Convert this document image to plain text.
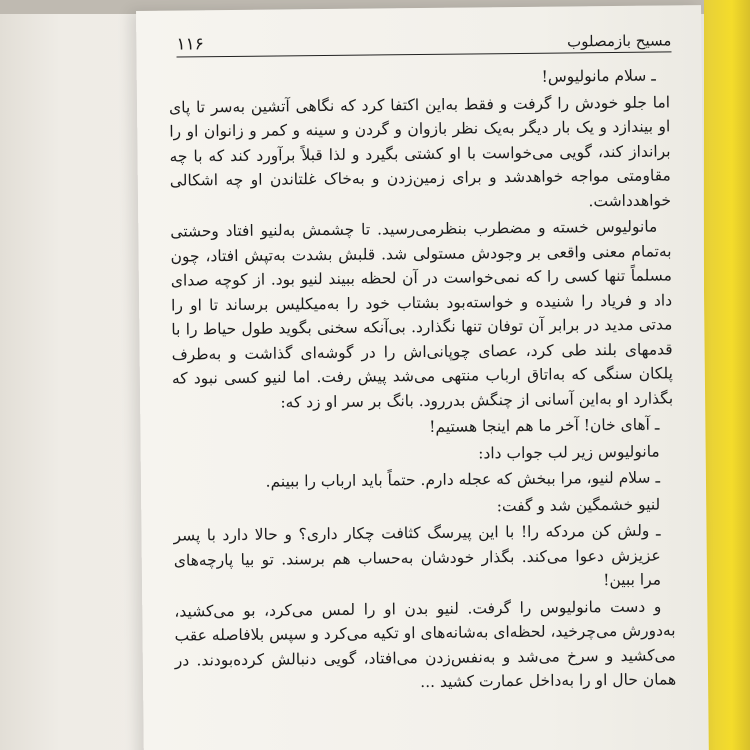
۱۱۶	مسیح بازمصلوب

ـ سلام مانولیوس!

اما جلو خودش را گرفت و فقط به‌این اکتفا کرد که نگاهی آتشین به‌سر تا پای او بیندازد و یک بار دیگر به‌یک نظر بازوان و گردن و سینه و کمر و زانوان او را برانداز کند، گویی می‌خواست با او کشتی بگیرد و لذا قبلاً برآورد کند که با چه مقاومتی مواجه خواهدشد و برای زمین‌زدن و به‌خاک غلتاندن او چه اشکالی خواهدداشت.

مانولیوس خسته و مضطرب بنظرمی‌رسید. تا چشمش به‌لنیو افتاد وحشتی به‌تمام معنی واقعی بر وجودش مستولی شد. قلبش بشدت به‌تپش افتاد، چون مسلماً تنها کسی را که نمی‌خواست در آن لحظه ببیند لنیو بود. از کوچه صدای داد و فریاد را شنیده و خواسته‌بود بشتاب خود را به‌میکلیس برساند تا او را مدتی مدید در برابر آن توفان تنها نگذارد. بی‌آنکه سخنی بگوید طول حیاط را با قدمهای بلند طی کرد، عصای چوپانی‌اش را در گوشه‌ای گذاشت و به‌طرف پلکان سنگی که به‌اتاق ارباب منتهی می‌شد پیش رفت. اما لنیو کسی نبود که بگذارد او به‌این آسانی از چنگش بدررود. بانگ بر سر او زد که:

ـ آهای خان! آخر ما هم اینجا هستیم!

مانولیوس زیر لب جواب داد:

ـ سلام لنیو، مرا ببخش که عجله دارم. حتماً باید ارباب را ببینم.

لنیو خشمگین شد و گفت:

ـ ولش کن مردکه را! با این پیرسگ کثافت چکار داری؟ و حالا دارد با پسر عزیزش دعوا می‌کند. بگذار خودشان به‌حساب هم برسند. تو بیا پارچه‌های مرا ببین!

و دست مانولیوس را گرفت. لنیو بدن او را لمس می‌کرد، بو می‌کشید، به‌دورش می‌چرخید، لحظه‌ای به‌شانه‌های او تکیه می‌کرد و سپس بلافاصله عقب می‌کشید و سرخ می‌شد و به‌نفس‌زدن می‌افتاد، گویی دنبالش کرده‌بودند. در همان حال او را به‌داخل عمارت کشید ...
